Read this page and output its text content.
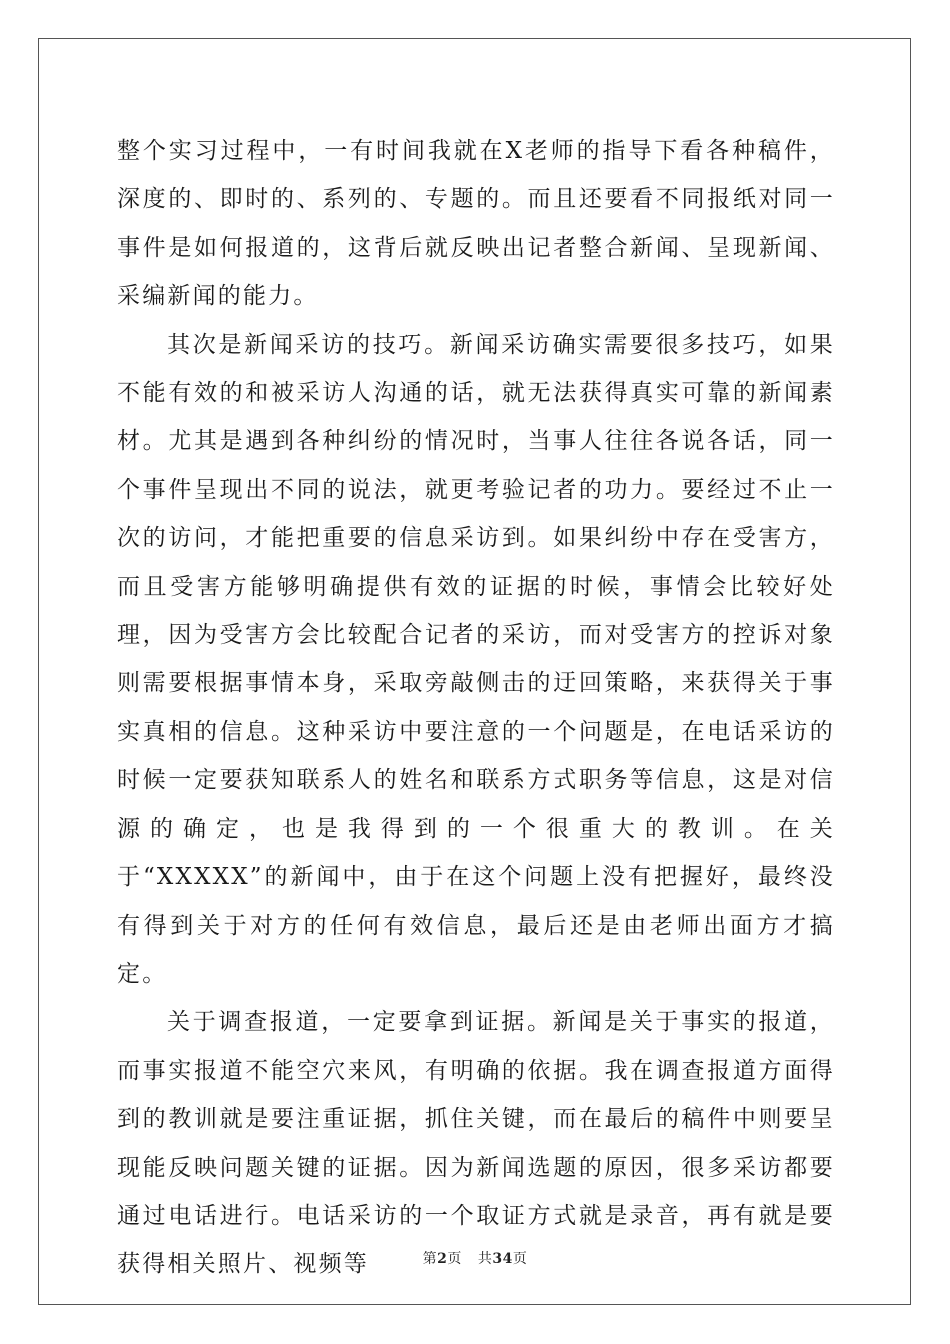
整个实习过程中，一有时间我就在X老师的指导下看各种稿件，深度的、即时的、系列的、专题的。而且还要看不同报纸对同一事件是如何报道的，这背后就反映出记者整合新闻、呈现新闻、采编新闻的能力。

其次是新闻采访的技巧。新闻采访确实需要很多技巧，如果不能有效的和被采访人沟通的话，就无法获得真实可靠的新闻素材。尤其是遇到各种纠纷的情况时，当事人往往各说各话，同一个事件呈现出不同的说法，就更考验记者的功力。要经过不止一次的访问，才能把重要的信息采访到。如果纠纷中存在受害方，而且受害方能够明确提供有效的证据的时候，事情会比较好处理，因为受害方会比较配合记者的采访，而对受害方的控诉对象则需要根据事情本身，采取旁敲侧击的迂回策略，来获得关于事实真相的信息。这种采访中要注意的一个问题是，在电话采访的时候一定要获知联系人的姓名和联系方式职务等信息，这是对信源的确定，也是我得到的一个很重大的教训。在关于“XXXXX”的新闻中，由于在这个问题上没有把握好，最终没有得到关于对方的任何有效信息，最后还是由老师出面方才搞定。

关于调查报道，一定要拿到证据。新闻是关于事实的报道，而事实报道不能空穴来风，有明确的依据。我在调查报道方面得到的教训就是要注重证据，抓住关键，而在最后的稿件中则要呈现能反映问题关键的证据。因为新闻选题的原因，很多采访都要通过电话进行。电话采访的一个取证方式就是录音，再有就是要获得相关照片、视频等	第2页 共34页
